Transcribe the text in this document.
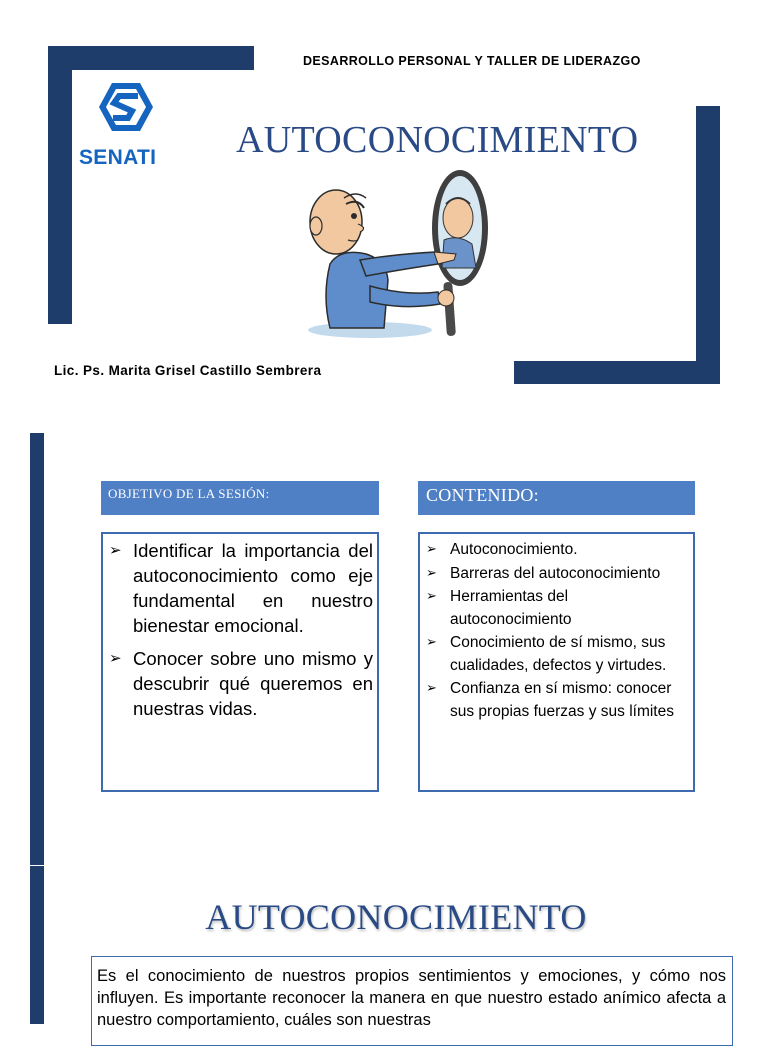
DESARROLLO PERSONAL Y TALLER DE LIDERAZGO
SENATI AUTOCONOCIMIENTO
Lic. Ps. Marita Grisel Castillo Sembrera
OBJETIVO DE LA SESIÓN:	CONTENIDO:
➢ Identificar la importancia del autoconocimiento como eje fundamental en nuestro bienestar emocional.
➢ Conocer sobre uno mismo y descubrir qué queremos en nuestras vidas.
➢ Autoconocimiento.
➢ Barreras del autoconocimiento
➢ Herramientas del autoconocimiento
➢ Conocimiento de sí mismo, sus cualidades, defectos y virtudes.
➢ Confianza en sí mismo: conocer sus propias fuerzas y sus límites
AUTOCONOCIMIENTO

Es el conocimiento de nuestros propios sentimientos y emociones, y cómo nos influyen. Es importante reconocer la manera en que nuestro estado anímico afecta a nuestro comportamiento, cuáles son nuestras
